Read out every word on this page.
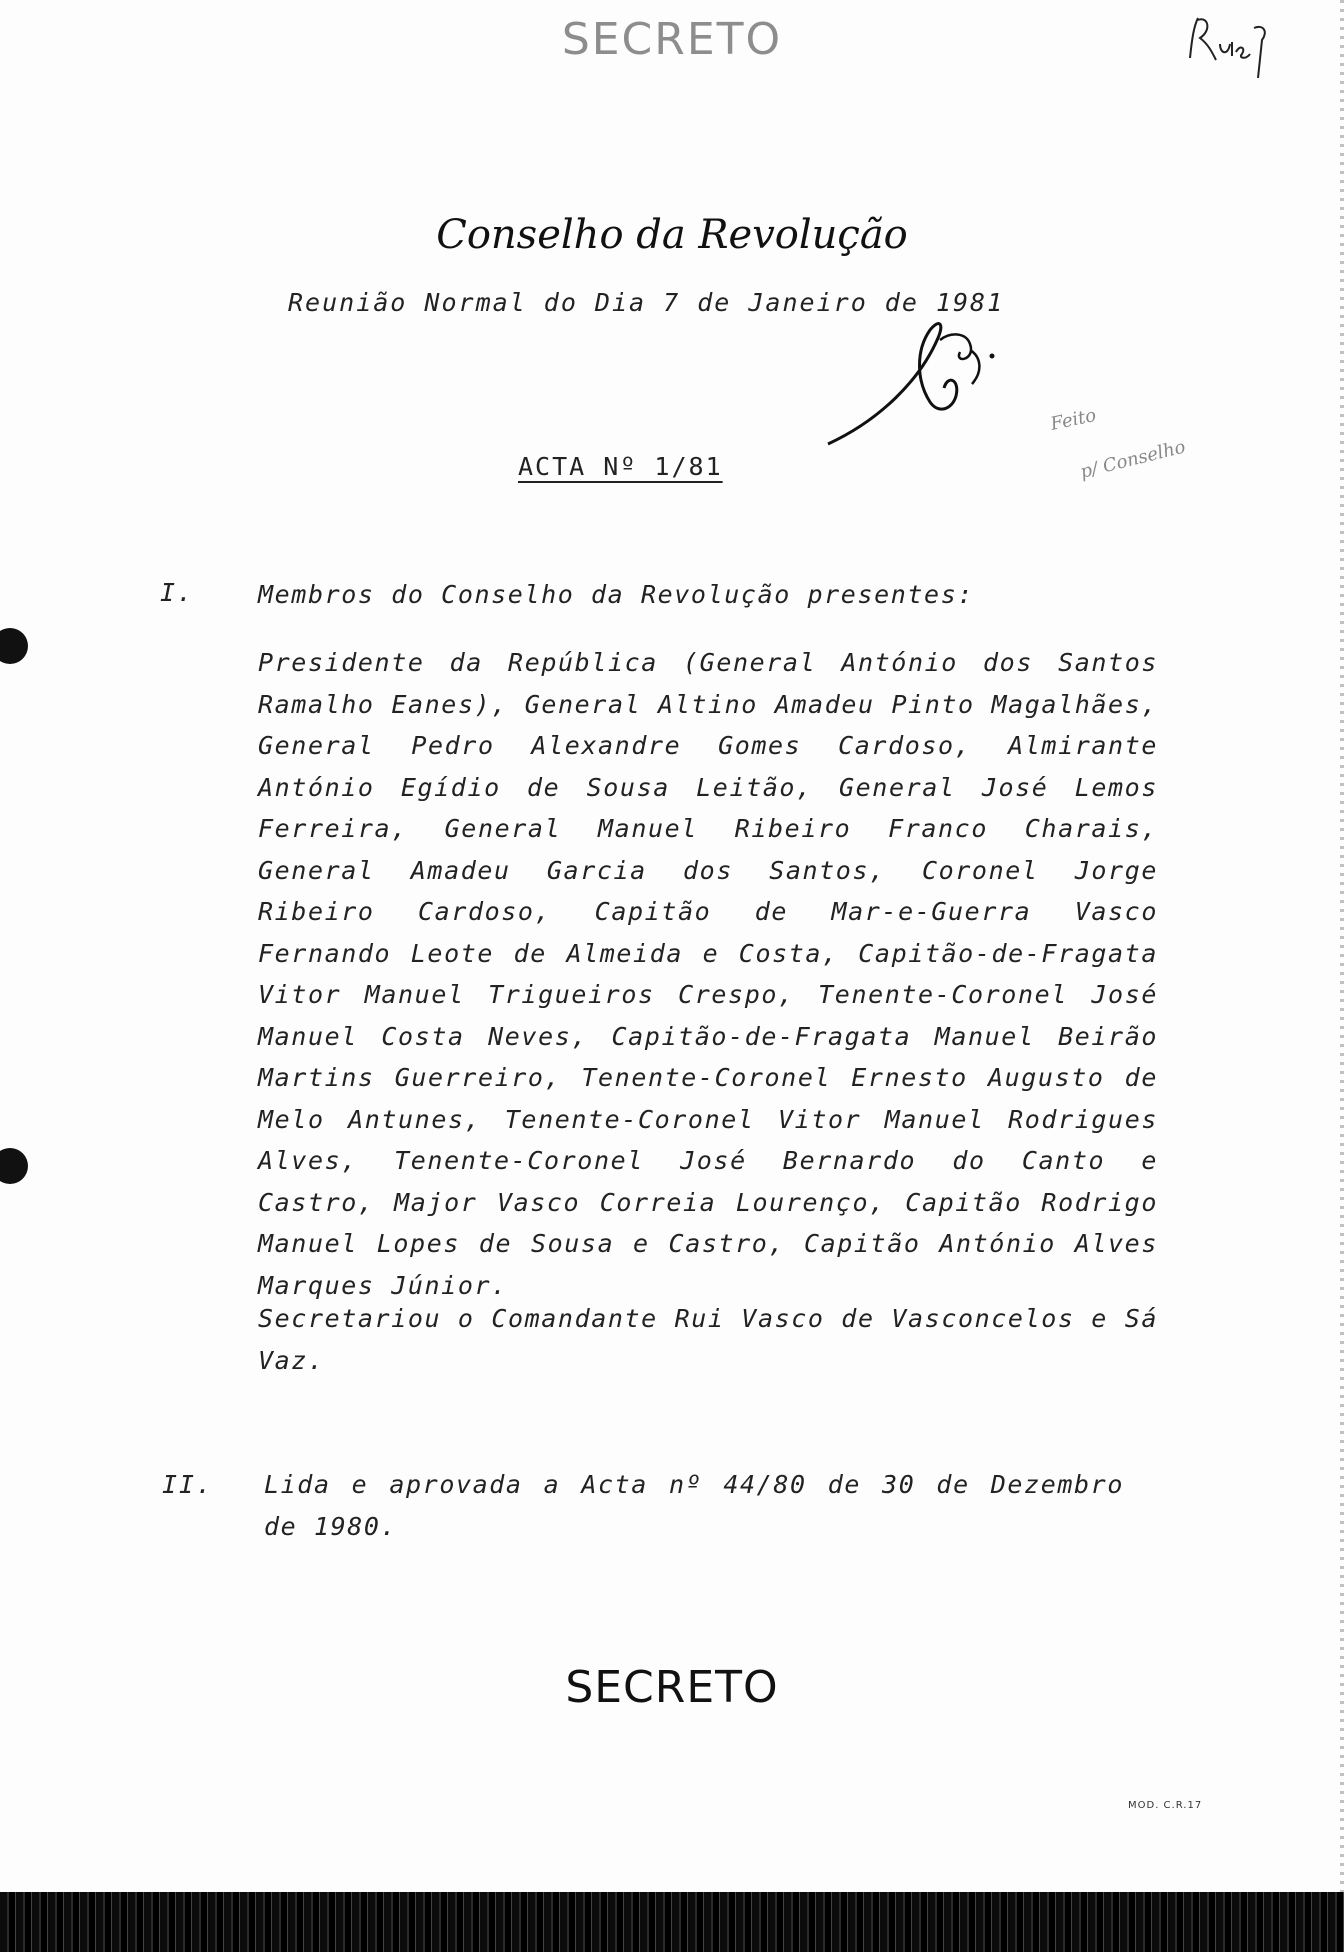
SECRETO
Conselho da Revolução
Reunião Normal do Dia 7 de Janeiro de 1981
Feito
p/ Conselho
ACTA Nº 1/81
I.	Membros do Conselho da Revolução presentes:

Presidente da República (General António dos Santos Ramalho Eanes), General Altino Amadeu Pinto Magalhães, General Pedro Alexandre Gomes Cardoso, Almirante António Egídio de Sousa Leitão, General José Lemos Ferreira, General Manuel Ribeiro Franco Charais, General Amadeu Garcia dos Santos, Coronel Jorge Ribeiro Cardoso, Capitão de Mar-e-Guerra Vasco Fernando Leote de Almeida e Costa, Capitão-de-Fragata Vitor Manuel Trigueiros Crespo, Tenente-Coronel José Manuel Costa Neves, Capitão-de-Fragata Manuel Beirão Martins Guerreiro, Tenente-Coronel Ernesto Augusto de Melo Antunes, Tenente-Coronel Vitor Manuel Rodrigues Alves, Tenente-Coronel José Bernardo do Canto e Castro, Major Vasco Correia Lourenço, Capitão Rodrigo Manuel Lopes de Sousa e Castro, Capitão António Alves Marques Júnior.

Secretariou o Comandante Rui Vasco de Vasconcelos e Sá Vaz.

II. Lida e aprovada a Acta nº 44/80 de 30 de Dezembro de 1980.

SECRETO
MOD. C.R.17
